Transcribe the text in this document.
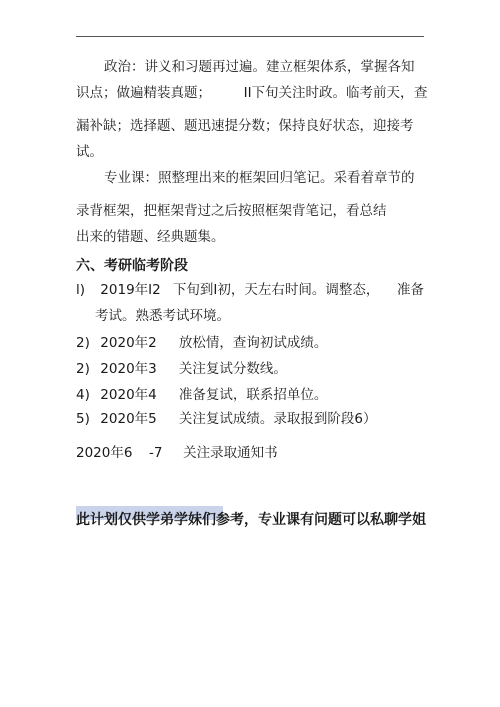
政治：讲义和习题再过遍。建立框架体系，掌握各知
识点；做遍精装真题； II下旬关注时政。临考前天， 查
漏补缺；选择题、题迅速提分数；保持良好状态，迎接考
试。
专业课：照整理出来的框架回归笔记。采看着章节的
录背框架，把框架背过之后按照框架背笔记，看总结
出来的错题、经典题集。
六、考研临考阶段
l) 2019年I2 下旬到I初，天左右时间。调整态， 准备
考试。熟悉考试环境。
2) 2020年2 放松情，查询初试成绩。
2) 2020年3 关注复试分数线。
4) 2020年4 准备复试，联系招单位。
5) 2020年5 关注复试成绩。录取报到阶段6）
2020年6 -7 关注录取通知书
此计划仅供学弟学妹们参考，专业课有问题可以私聊学姐
